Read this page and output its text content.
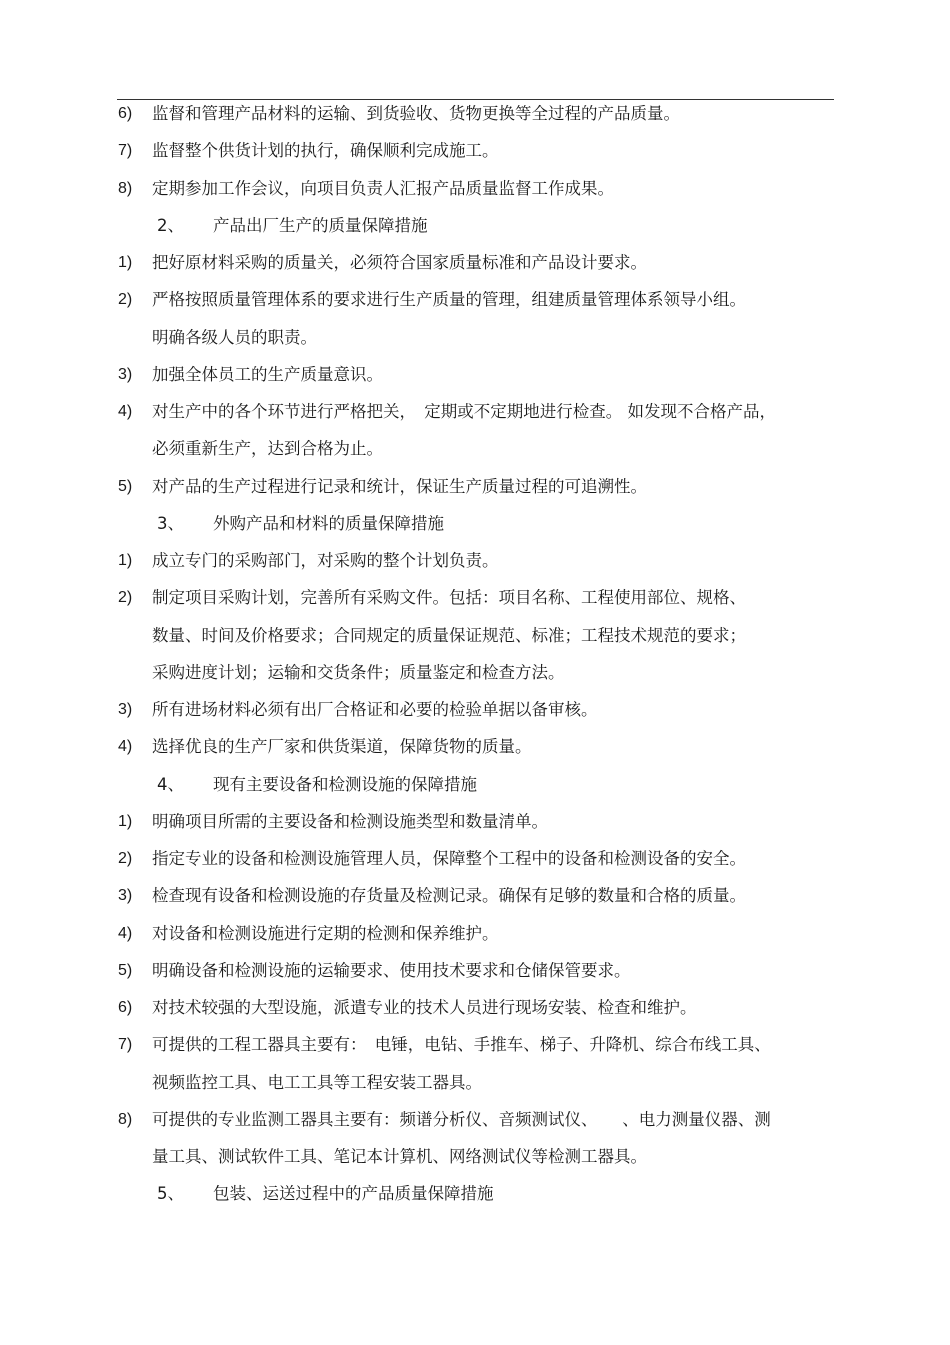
6) 监督和管理产品材料的运输、到货验收、货物更换等全过程的产品质量。
7) 监督整个供货计划的执行，确保顺利完成施工。
8) 定期参加工作会议，向项目负责人汇报产品质量监督工作成果。
2、 产品出厂生产的质量保障措施
1) 把好原材料采购的质量关，必须符合国家质量标准和产品设计要求。
2) 严格按照质量管理体系的要求进行生产质量的管理，组建质量管理体系领导小组。
明确各级人员的职责。
3) 加强全体员工的生产质量意识。
4) 对生产中的各个环节进行严格把关，　定期或不定期地进行检查。 如发现不合格产品，
必须重新生产，达到合格为止。
5) 对产品的生产过程进行记录和统计，保证生产质量过程的可追溯性。
3、 外购产品和材料的质量保障措施
1) 成立专门的采购部门，对采购的整个计划负责。
2) 制定项目采购计划，完善所有采购文件。包括：项目名称、工程使用部位、规格、
数量、时间及价格要求；合同规定的质量保证规范、标准；工程技术规范的要求；
采购进度计划；运输和交货条件；质量鉴定和检查方法。
3) 所有进场材料必须有出厂合格证和必要的检验单据以备审核。
4) 选择优良的生产厂家和供货渠道，保障货物的质量。
4、 现有主要设备和检测设施的保障措施
1) 明确项目所需的主要设备和检测设施类型和数量清单。
2) 指定专业的设备和检测设施管理人员，保障整个工程中的设备和检测设备的安全。
3) 检查现有设备和检测设施的存货量及检测记录。确保有足够的数量和合格的质量。
4) 对设备和检测设施进行定期的检测和保养维护。
5) 明确设备和检测设施的运输要求、使用技术要求和仓储保管要求。
6) 对技术较强的大型设施，派遣专业的技术人员进行现场安装、检查和维护。
7) 可提供的工程工器具主要有：　电锤，电钻、手推车、梯子、升降机、综合布线工具、
视频监控工具、电工工具等工程安装工器具。
8) 可提供的专业监测工器具主要有：频谱分析仪、音频测试仪、　　、电力测量仪器、测
量工具、测试软件工具、笔记本计算机、网络测试仪等检测工器具。
5、 包装、运送过程中的产品质量保障措施
